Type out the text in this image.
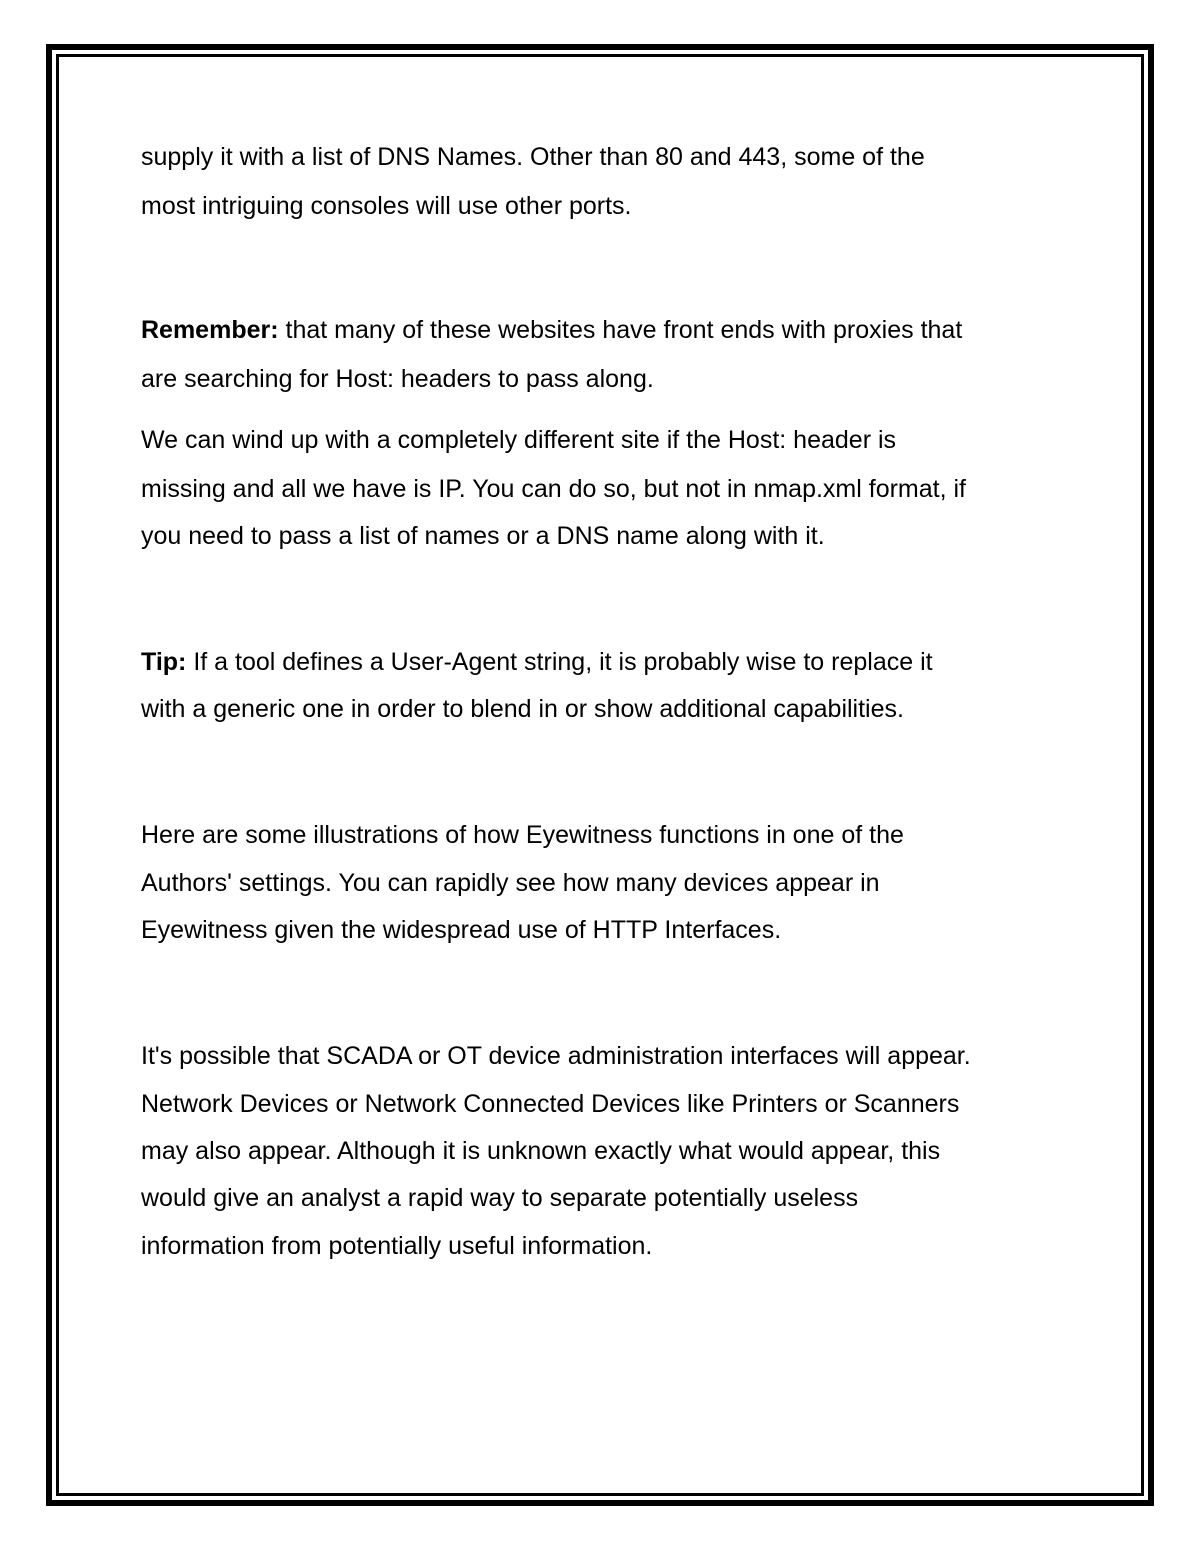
supply it with a list of DNS Names. Other than 80 and 443, some of the
most intriguing consoles will use other ports.
Remember: that many of these websites have front ends with proxies that
are searching for Host: headers to pass along.
We can wind up with a completely different site if the Host: header is
missing and all we have is IP. You can do so, but not in nmap.xml format, if
you need to pass a list of names or a DNS name along with it.
Tip: If a tool defines a User-Agent string, it is probably wise to replace it
with a generic one in order to blend in or show additional capabilities.
Here are some illustrations of how Eyewitness functions in one of the
Authors' settings. You can rapidly see how many devices appear in
Eyewitness given the widespread use of HTTP Interfaces.
It's possible that SCADA or OT device administration interfaces will appear.
Network Devices or Network Connected Devices like Printers or Scanners
may also appear. Although it is unknown exactly what would appear, this
would give an analyst a rapid way to separate potentially useless
information from potentially useful information.
